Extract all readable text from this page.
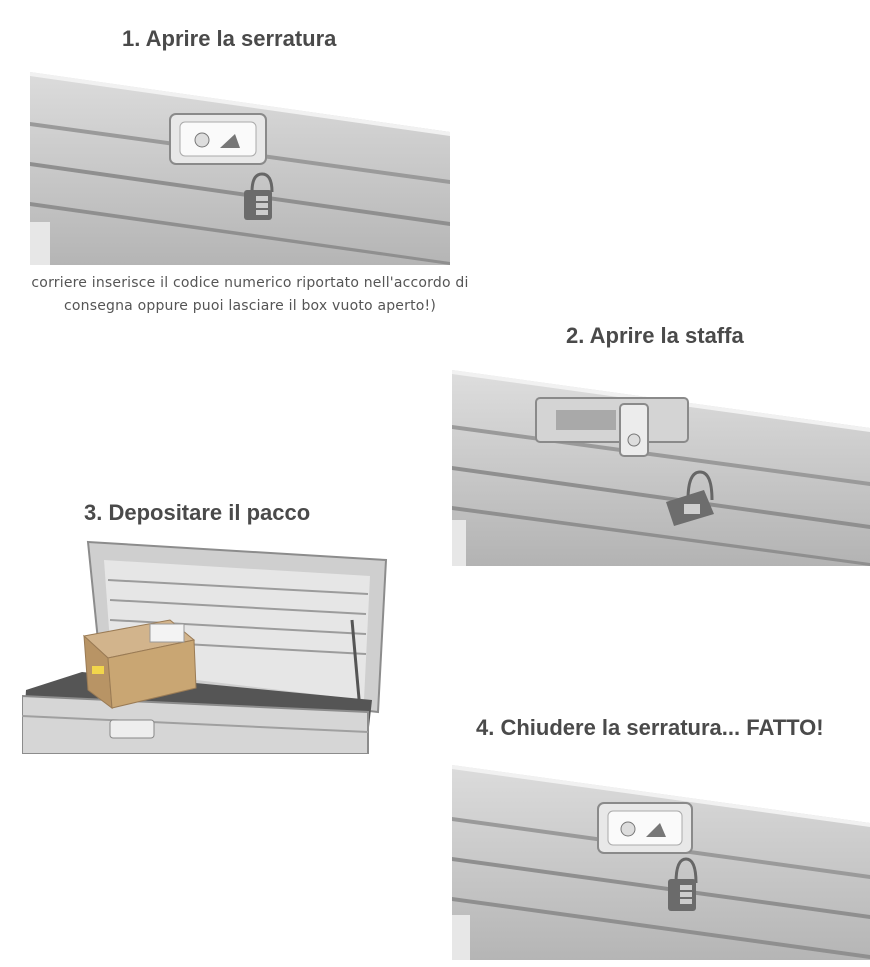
1. Aprire la serratura
corriere inserisce il codice numerico riportato nell'accordo di
consegna oppure puoi lasciare il box vuoto aperto!)
2. Aprire la staffa
3. Depositare il pacco
4. Chiudere la serratura... FATTO!
